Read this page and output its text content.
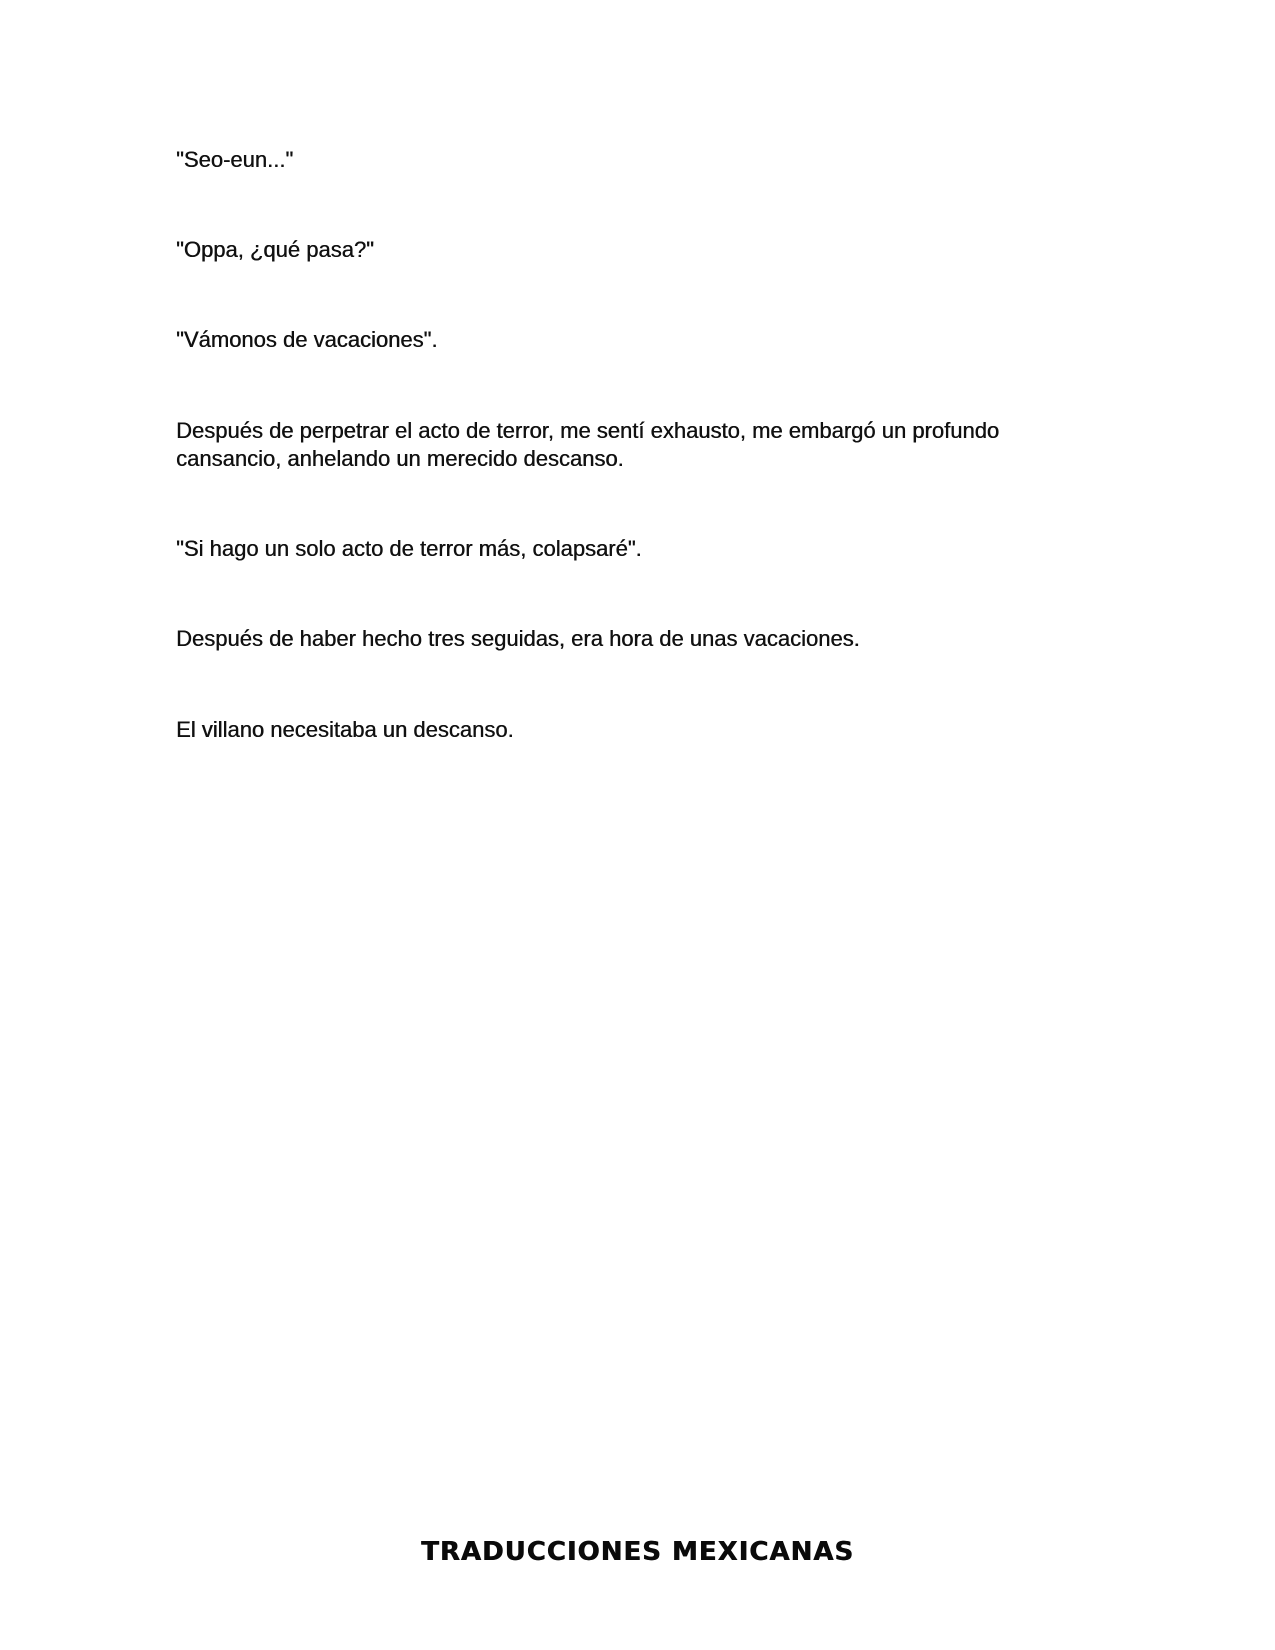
"Seo-eun..."

"Oppa, ¿qué pasa?"

"Vámonos de vacaciones".

Después de perpetrar el acto de terror, me sentí exhausto, me embargó un profundo cansancio, anhelando un merecido descanso.

"Si hago un solo acto de terror más, colapsaré".

Después de haber hecho tres seguidas, era hora de unas vacaciones.

El villano necesitaba un descanso.

TRADUCCIONES MEXICANAS
